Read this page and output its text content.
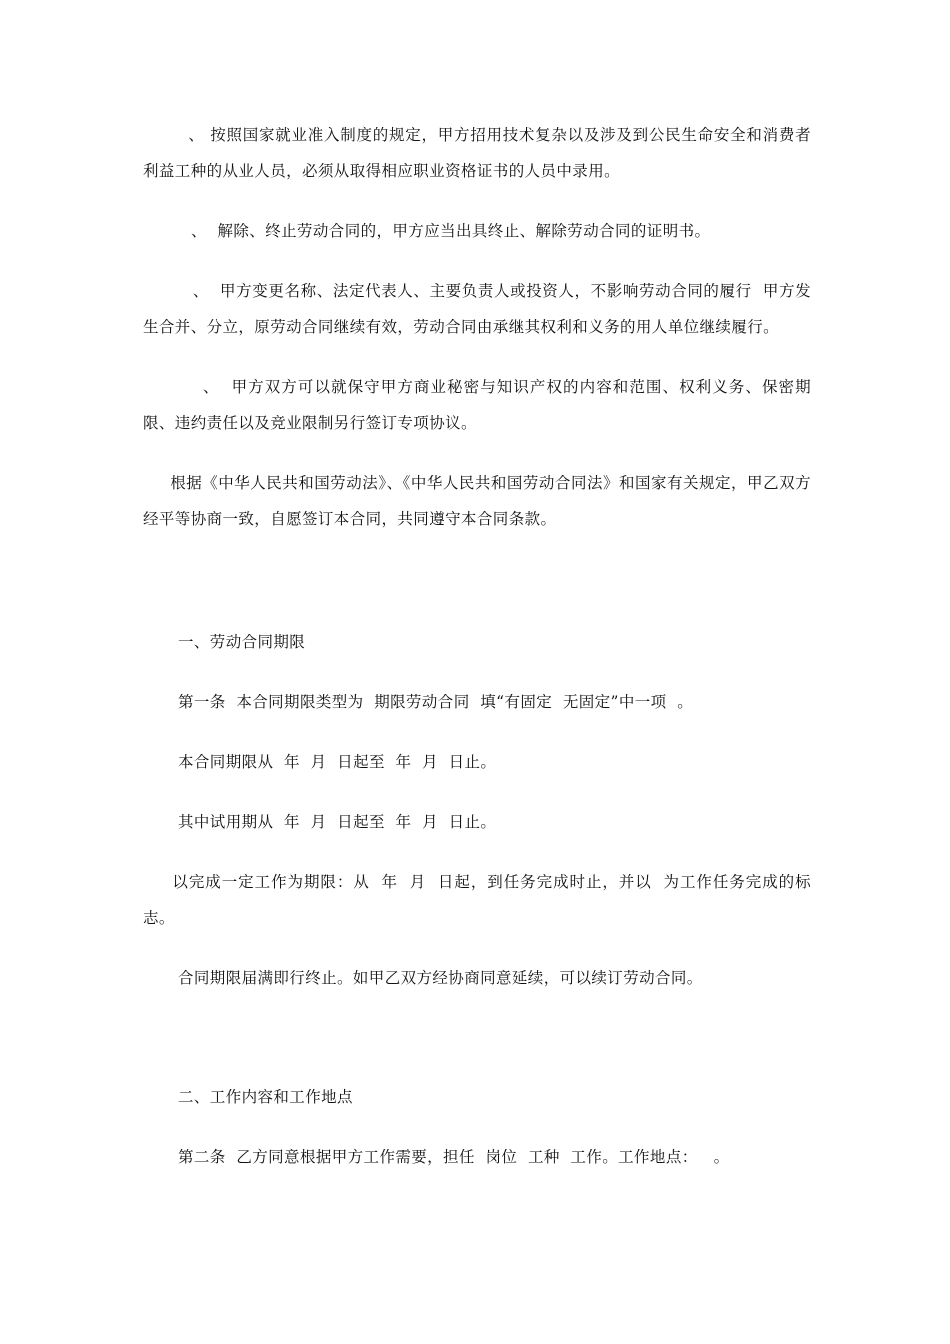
、 按照国家就业准入制度的规定，甲方招用技术复杂以及涉及到公民生命安全和消费者利益工种的从业人员，必须从取得相应职业资格证书的人员中录用。

、  解除、终止劳动合同的，甲方应当出具终止、解除劳动合同的证明书。

、  甲方变更名称、法定代表人、主要负责人或投资人，不影响劳动合同的履行  甲方发生合并、分立，原劳动合同继续有效，劳动合同由承继其权利和义务的用人单位继续履行。

、  甲方双方可以就保守甲方商业秘密与知识产权的内容和范围、权利义务、保密期限、违约责任以及竞业限制另行签订专项协议。

根据《中华人民共和国劳动法》、《中华人民共和国劳动合同法》和国家有关规定，甲乙双方经平等协商一致，自愿签订本合同，共同遵守本合同条款。

一、劳动合同期限

第一条  本合同期限类型为  期限劳动合同  填“有固定  无固定”中一项  。

本合同期限从  年  月  日起至  年  月  日止。

其中试用期从  年  月  日起至  年  月  日止。

以完成一定工作为期限：从  年  月  日起，到任务完成时止，并以  为工作任务完成的标志。

合同期限届满即行终止。如甲乙双方经协商同意延续，可以续订劳动合同。

二、工作内容和工作地点

第二条  乙方同意根据甲方工作需要，担任  岗位  工种  工作。工作地点：   。
